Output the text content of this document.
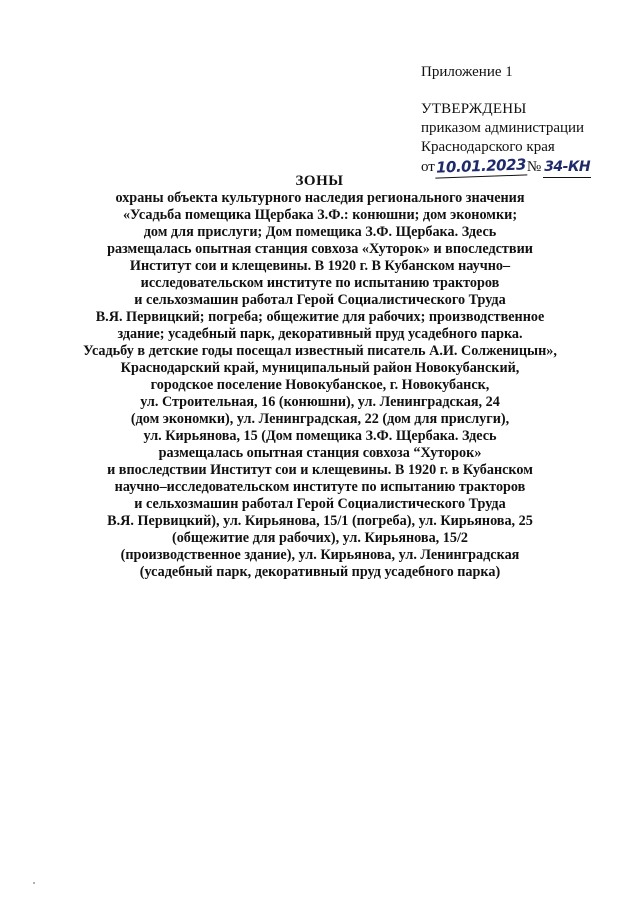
Приложение 1
УТВЕРЖДЕНЫ
приказом администрации
Краснодарского края
от10.01.2023№ 34-КН
ЗОНЫ
охраны объекта культурного наследия регионального значения
«Усадьба помещика Щербака З.Ф.: конюшни; дом экономки;
дом для прислуги; Дом помещика З.Ф. Щербака. Здесь
размещалась опытная станция совхоза «Хуторок» и впоследствии
Институт сои и клещевины. В 1920 г. В Кубанском научно–
исследовательском институте по испытанию тракторов
и сельхозмашин работал Герой Социалистического Труда
В.Я. Первицкий; погреба; общежитие для рабочих; производственное
здание; усадебный парк, декоративный пруд усадебного парка.
Усадьбу в детские годы посещал известный писатель А.И. Солженицын»,
Краснодарский край, муниципальный район Новокубанский,
городское поселение Новокубанское, г. Новокубанск,
ул. Строительная, 16 (конюшни), ул. Ленинградская, 24
(дом экономки), ул. Ленинградская, 22 (дом для прислуги),
ул. Кирьянова, 15 (Дом помещика З.Ф. Щербака. Здесь
размещалась опытная станция совхоза “Хуторок»
и впоследствии Институт сои и клещевины. В 1920 г. в Кубанском
научно–исследовательском институте по испытанию тракторов
и сельхозмашин работал Герой Социалистического Труда
В.Я. Первицкий), ул. Кирьянова, 15/1 (погреба), ул. Кирьянова, 25
(общежитие для рабочих), ул. Кирьянова, 15/2
(производственное здание), ул. Кирьянова, ул. Ленинградская
(усадебный парк, декоративный пруд усадебного парка)
